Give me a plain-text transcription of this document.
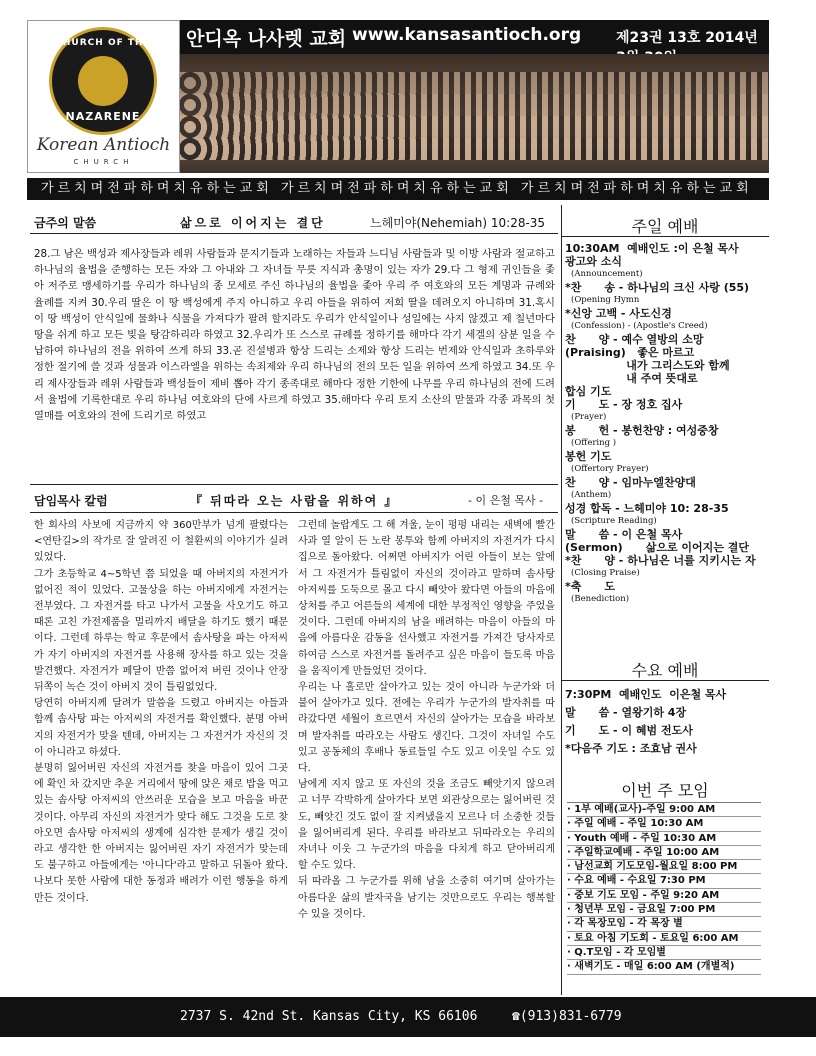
CHURCH OF THE
NAZARENE
Korean Antioch
CHURCH
안디옥 나사렛 교회 www.kansasantioch.org 제23권 13호 2014년
가르치며전파하며치유하는교회 가르치며전파하며치유하는교회 가르치며전파하며치유하는교회
금주의 말씀	삶으로 이어지는 결단	느헤미야(Nehemiah) 10:28-35
28.그 남은 백성과 제사장들과 레위 사람들과 문지기들과 노래하는 자들과 느디님 사람들과 및 이방 사람과 절교하고 하나님의 율법을 준행하는 모든 자와 그 아내와 그 자녀들 무릇 지식과 총명이 있는 자가 29.다 그 형제 귀인들을 좇아 저주로 맹세하기를 우리가 하나님의 종 모세로 주신 하나님의 율법을 좇아 우리 주 여호와의 모든 계명과 규례와 율례를 지켜 30.우리 딸은 이 땅 백성에게 주지 아니하고 우리 아들을 위하여 저희 딸을 데려오지 아니하며 31.혹시 이 땅 백성이 안식일에 물화나 식물을 가져다가 팔려 할지라도 우리가 안식일이나 성일에는 사지 않겠고 제 칠년마다 땅을 쉬게 하고 모든 빚을 탕감하리라 하였고 32.우리가 또 스스로 규례를 정하기를 해마다 각기 세겔의 삼분 일을 수납하여 하나님의 전을 위하여 쓰게 하되 33.곧 진설병과 항상 드리는 소제와 항상 드리는 번제와 안식일과 초하루와 정한 절기에 쓸 것과 성물과 이스라엘을 위하는 속죄제와 우리 하나님의 전의 모든 일을 위하여 쓰게 하였고 34.또 우리 제사장들과 레위 사람들과 백성들이 제비 뽑아 각기 종족대로 해마다 정한 기한에 나무를 우리 하나님의 전에 드려서 율법에 기록한대로 우리 하나님 여호와의 단에 사르게 하였고 35.해마다 우리 토지 소산의 맏물과 각종 과목의 첫 열매를 여호와의 전에 드리기로 하였고
담임목사 칼럼	『 뒤따라 오는 사람을 위하여 』	- 이 은철 목사 -
한 회사의 사보에 지금까지 약 360만부가 넘게 팔렸다는 <연탄길>의 작가로 잘 알려진 이 철환씨의 이야기가 실려 있었다.
그가 초등학교 4~5학년 쯤 되었을 때 아버지의 자전거가 없어진 적이 있었다. 고물상을 하는 아버지에게 자전거는 전부였다. 그 자전거를 타고 나가서 고물을 사오기도 하고 때론 고친 가전제품을 멀리까지 배달을 하기도 했기 때문이다. 그런데 하루는 학교 후문에서 솜사탕을 파는 아저씨가 자기 아버지의 자전거를 사용해 장사를 하고 있는 것을 발견했다. 자전거가 페달이 반쯤 없어져 버린 것이나 안장 뒤쪽이 녹슨 것이 아버지 것이 틀림없었다.
당연히 아버지께 달려가 말씀을 드렸고 아버지는 아들과 함께 솜사탕 파는 아저씨의 자전거를 확인했다. 분명 아버지의 자전거가 맞을 텐데, 아버지는 그 자전거가 자신의 것이 아니라고 하셨다.
분명히 잃어버린 자신의 자전거를 찾을 마음이 있어 그곳에 확인 차 갔지만 추운 거리에서 땅에 앉은 채로 밥을 먹고 있는 솜사탕 아저씨의 안쓰러운 모습을 보고 마음을 바꾼 것이다. 아무리 자신의 자전거가 맞다 해도 그것을 도로 찾아오면 솜사탕 아저씨의 생계에 심각한 문제가 생길 것이라고 생각한 한 아버지는 잃어버린 자기 자전거가 맞는데도 불구하고 아들에게는 '아니다'라고 말하고 뒤돌아 왔다. 나보다 못한 사람에 대한 동정과 배려가 이런 행동을 하게 만든 것이다.
그런데 놀랍게도 그 해 겨울, 눈이 펑펑 내리는 새벽에 빨간 사과 열 알이 든 노란 봉투와 함께 아버지의 자전거가 다시 집으로 돌아왔다. 어쩌면 아버지가 어린 아들이 보는 앞에서 그 자전거가 틀림없이 자신의 것이라고 말하며 솜사탕 아저씨를 도둑으로 몰고 다시 빼앗아 왔다면 아들의 마음에 상처를 주고 어른들의 세계에 대한 부정적인 영향을 주었을 것이다. 그런데 아버지의 남을 배려하는 마음이 아들의 마음에 아름다운 감동을 선사했고 자전거를 가져간 당사자로 하여금 스스로 자전거를 돌려주고 싶은 마음이 들도록 마음을 움직이게 만들었던 것이다.
우리는 나 홀로만 살아가고 있는 것이 아니라 누군가와 더불어 살아가고 있다. 전에는 우리가 누군가의 발자취를 따라갔다면 세월이 흐르면서 자신의 살아가는 모습을 바라보며 발자취를 따라오는 사람도 생긴다. 그것이 자녀일 수도 있고 공동체의 후배나 동료들일 수도 있고 이웃일 수도 있다.
남에게 지지 않고 또 자신의 것을 조금도 빼앗기지 않으려고 너무 각박하게 살아가다 보면 외관상으로는 잃어버린 것도, 빼앗긴 것도 없이 잘 지켜냈을지 모르나 더 소중한 것들을 잃어버리게 된다. 우리를 바라보고 뒤따라오는 우리의 자녀나 이웃 그 누군가의 마음을 다치게 하고 닫아버리게 할 수도 있다.
뒤 따라올 그 누군가를 위해 남을 소중히 여기며 살아가는 아름다운 삶의 발자국을 남기는 것만으로도 우리는 행복할 수 있을 것이다.
주일 예배
10:30AM  예배인도 :이 은철 목사
광고와 소식
(Announcement)
*찬      송 - 하나님의 크신 사랑 (55)
(Opening Hymn
*신앙 고백 - 사도신경
(Confession) - (Apostle's Creed)
찬      양 - 예수 열방의 소망
(Praising)   좋은 마르고
내가 그리스도와 함께
내 주여 뜻대로
합심 기도
기      도 - 장 정호 집사
(Prayer)
봉      헌 - 봉헌찬양 : 여성중창
(Offering )
봉헌 기도
(Offertory Prayer)
찬      양 - 임마누엘찬양대
(Anthem)
성경 합독 - 느헤미야 10: 28-35
(Scripture Reading)
말      씀 - 이 은철 목사
(Sermon)      삶으로 이어지는 결단
*찬      양 - 하나님은 너를 지키시는 자
(Closing Praise)
*축      도
(Benediction)
수요 예배
7:30PM  예배인도  이은철 목사
말      씀 - 열왕기하 4장
기      도 - 이 혜범 전도사
*다음주 기도 : 조효남 권사
이번 주 모임
· 1부 예배(교사)-주일 9:00 AM
· 주일 예배 - 주일 10:30 AM
· Youth 예배 - 주일 10:30 AM
· 주일학교예배 - 주일 10:00 AM
· 남선교회 기도모임-월요일 8:00 PM
· 수요 예배 - 수요일 7:30 PM
· 중보 기도 모임 - 주일 9:20 AM
· 청년부 모임 - 금요일 7:00 PM
· 각 목장모임 - 각 목장 별
· 토요 아침 기도회 - 토요일 6:00 AM
· Q.T모임 - 각 모임별
· 새벽기도 - 매일 6:00 AM (개별적)
2737 S. 42nd St. Kansas City, KS 66106	☎(913)831-6779
